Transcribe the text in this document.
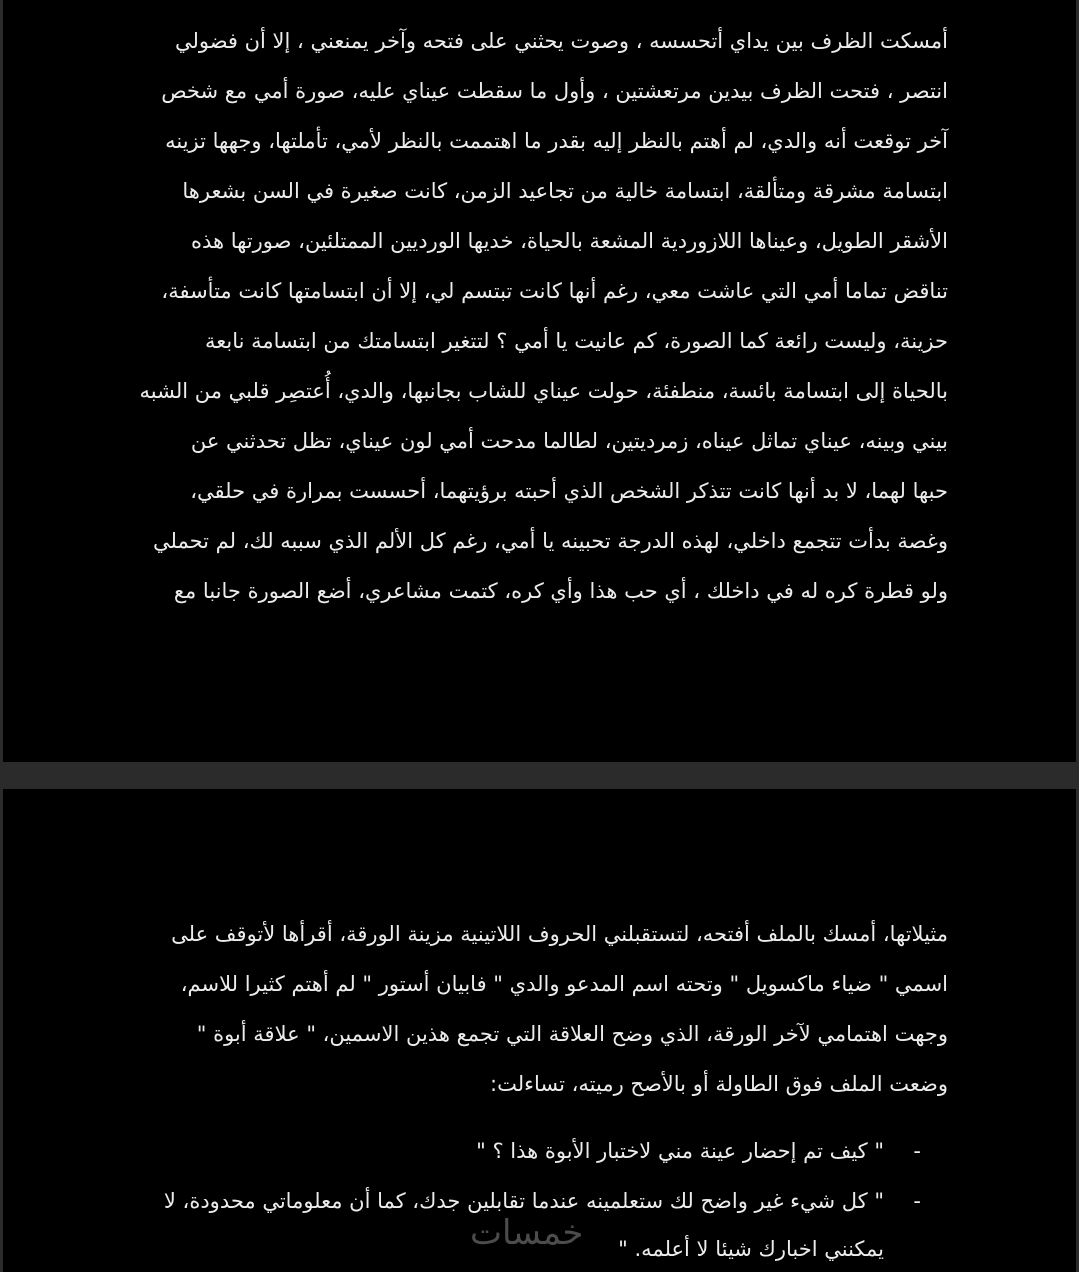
أمسكت الظرف بين يداي أتحسسه ، وصوت يحثني على فتحه وآخر يمنعني ، إلا أن فضولي
انتصر ، فتحت الظرف بيدين مرتعشتين ، وأول ما سقطت عيناي عليه، صورة أمي مع شخص
آخر توقعت أنه والدي، لم أهتم بالنظر إليه بقدر ما اهتممت بالنظر لأمي، تأملتها، وجهها تزينه
ابتسامة مشرقة ومتألقة، ابتسامة خالية من تجاعيد الزمن، كانت صغيرة في السن بشعرها
الأشقر الطويل، وعيناها اللازوردية المشعة بالحياة، خديها الورديين الممتلئين، صورتها هذه
تناقض تماما أمي التي عاشت معي، رغم أنها كانت تبتسم لي، إلا أن ابتسامتها كانت متأسفة،
حزينة، وليست رائعة كما الصورة، كم عانيت يا أمي ؟ لتتغير ابتسامتك من ابتسامة نابعة
بالحياة إلى ابتسامة بائسة، منطفئة، حولت عيناي للشاب بجانبها، والدي، أُعتصِر قلبي من الشبه
بيني وبينه، عيناي تماثل عيناه، زمرديتين، لطالما مدحت أمي لون عيناي، تظل تحدثني عن
حبها لهما، لا بد أنها كانت تتذكر الشخص الذي أحبته برؤيتهما، أحسست بمرارة في حلقي،
وغصة بدأت تتجمع داخلي، لهذه الدرجة تحبينه يا أمي، رغم كل الألم الذي سببه لك، لم تحملي
ولو قطرة كره له في داخلك ، أي حب هذا وأي كره، كتمت مشاعري، أضع الصورة جانبا مع
مثيلاتها، أمسك بالملف أفتحه، لتستقبلني الحروف اللاتينية مزينة الورقة، أقرأها لأتوقف على
اسمي " ضياء ماكسويل " وتحته اسم المدعو والدي " فابيان أستور " لم أهتم كثيرا للاسم،
وجهت اهتمامي لآخر الورقة، الذي وضح العلاقة التي تجمع هذين الاسمين، " علاقة أبوة "
وضعت الملف فوق الطاولة أو بالأصح رميته، تساءلت:
-
" كيف تم إحضار عينة مني لاختبار الأبوة هذا ؟ "
-
" كل شيء غير واضح لك ستعلمينه عندما تقابلين جدك، كما أن معلوماتي محدودة، لا
يمكنني اخبارك شيئا لا أعلمه. "
خمسات
